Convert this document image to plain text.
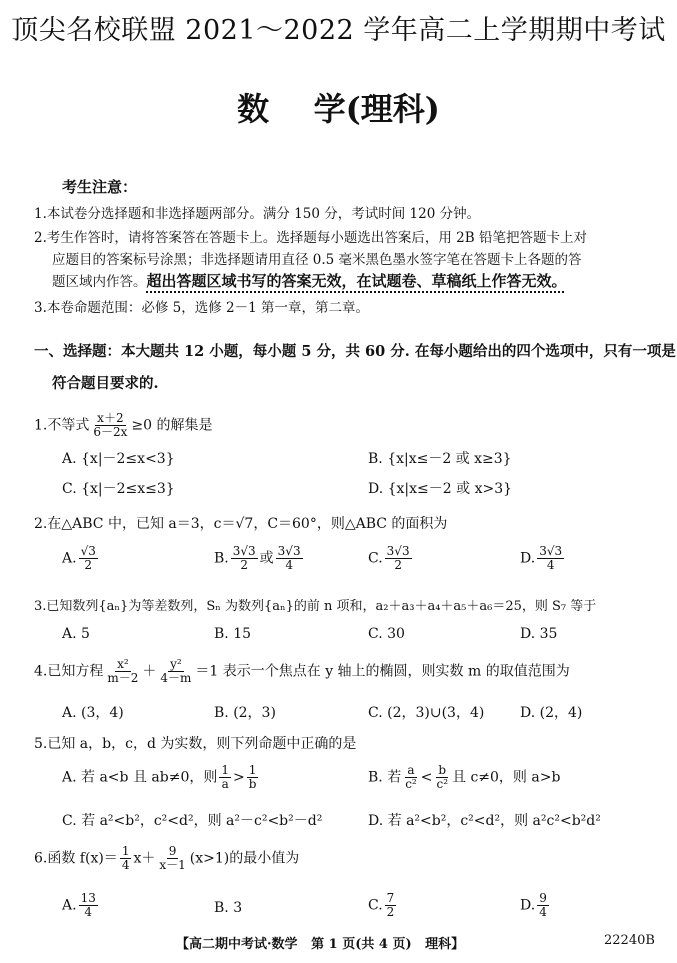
顶尖名校联盟 2021～2022 学年高二上学期期中考试
数    学(理科)
考生注意：
1.本试卷分选择题和非选择题两部分。满分 150 分，考试时间 120 分钟。
2.考生作答时，请将答案答在答题卡上。选择题每小题选出答案后，用 2B 铅笔把答题卡上对
应题目的答案标号涂黑；非选择题请用直径 0.5 毫米黑色墨水签字笔在答题卡上各题的答
题区域内作答。超出答题区域书写的答案无效，在试题卷、草稿纸上作答无效。
3.本卷命题范围：必修 5，选修 2－1 第一章，第二章。
一、选择题：本大题共 12 小题，每小题 5 分，共 60 分. 在每小题给出的四个选项中，只有一项是
符合题目要求的.
1.不等式 $\frac{x+2}{6-2x} \ge 0$ 的解集是
A. {x|－2≤x<3}	B. {x|x≤－2 或 x≥3}
C. {x|－2≤x≤3}	D. {x|x≤－2 或 x>3}
2.在△ABC 中，已知 a＝3，c＝√7，C＝60°，则△ABC 的面积为
A. $\frac{√3}{2}$	B. $\frac{3√3}{2}$ 或 $\frac{3√3}{4}$	C. $\frac{3√3}{2}$	D. $\frac{3√3}{4}$
3.已知数列{aₙ}为等差数列，Sₙ 为数列{aₙ}的前 n 项和，a₂＋a₃＋a₄＋a₅＋a₆＝25，则 S₇ 等于
A. 5	B. 15	C. 30	D. 35
4.已知方程 $\frac{\text{x²}}{m-2} + \frac{\text{y²}}{4-m} =1$ 表示一个焦点在 y 轴上的椭圆，则实数 m 的取值范围为
A. (3，4)	B. (2，3)	C. (2，3)∪(3，4)	D. (2，4)
5.已知 a，b，c，d 为实数，则下列命题中正确的是
A. 若 a<b 且 ab≠0，则 $\frac{1}{a} > \frac{1}{b}$	B. 若 $\frac{a}{\text{c²}} < \frac{b}{\text{c²}}$ 且 c≠0，则 a>b
C. 若 a²<b²，c²<d²，则 a²－c²<b²－d²	D. 若 a²<b²，c²<d²，则 a²c²<b²d²
6.函数 $f(x)= \frac{1}{4} x+ \frac{9}{x-1} (x>1)$的最小值为
A. $\frac{13}{4}$	B. 3	C. $\frac{7}{2}$	D. $\frac{9}{4}$
【高二期中考试·数学   第 1 页(共 4 页)   理科】	22240B
